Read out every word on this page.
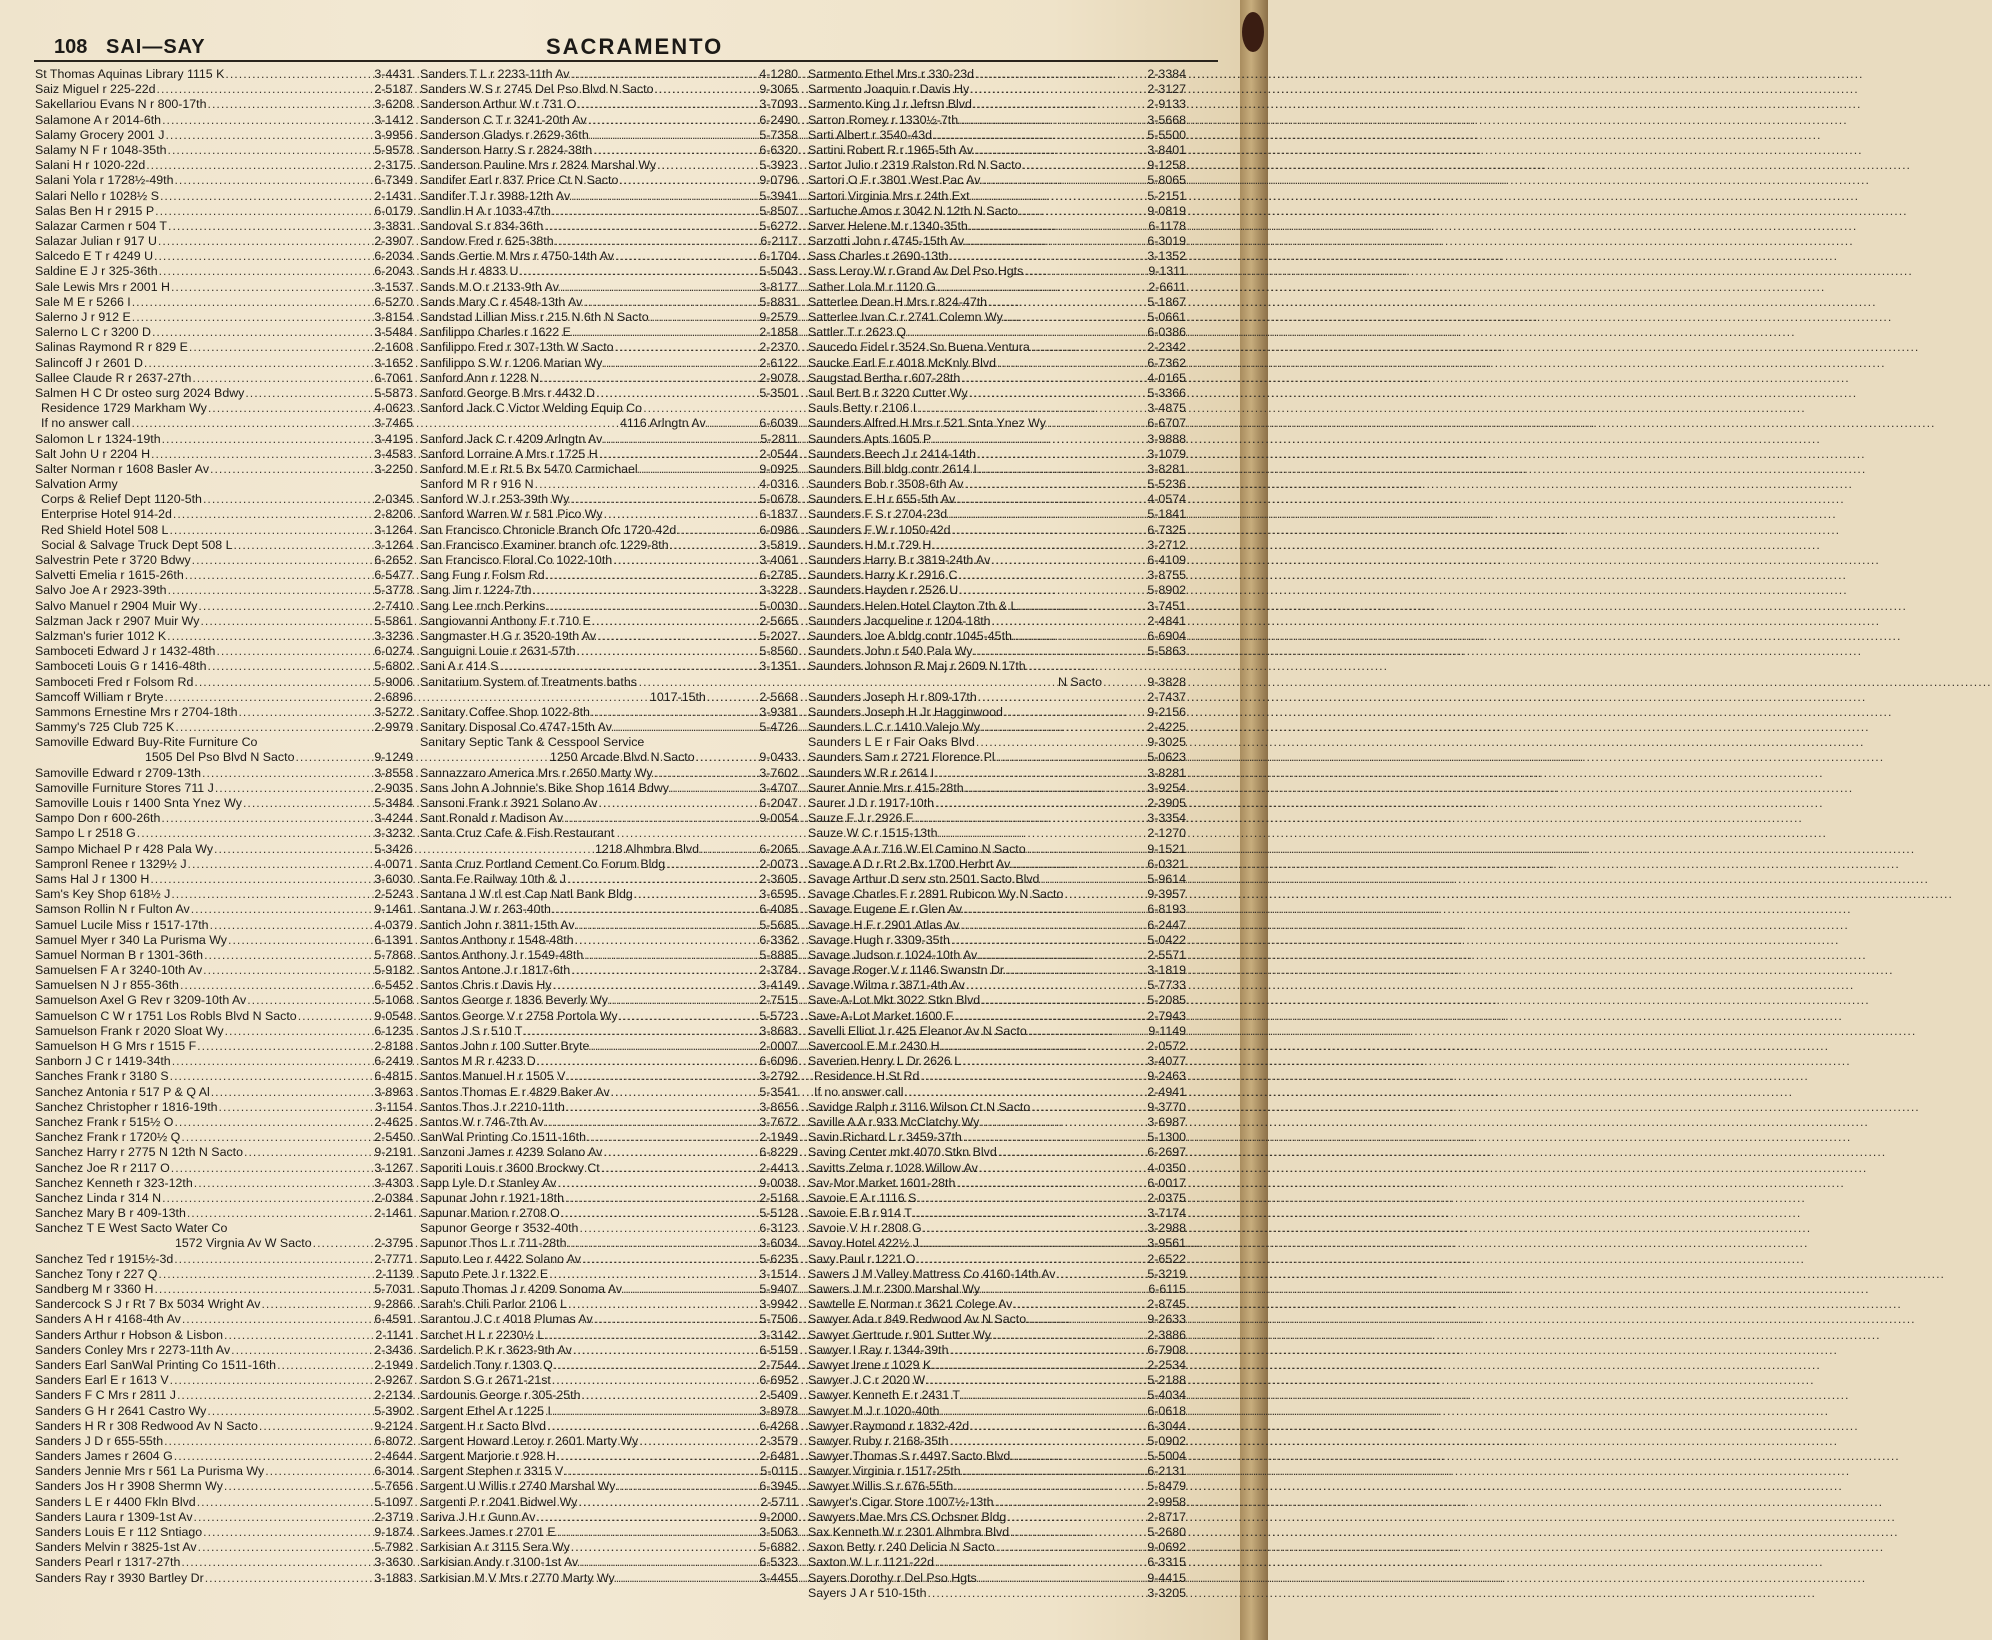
108 SAI—SAY	SACRAMENTO
St Thomas Aquinas Library 1115 K .....	3-4431
Saiz Miguel r 225-22d .....	2-5187
Sakellariou Evans N r 800-17th .....	3-6208
Salamone A r 2014-6th .....	3-1412
Salamy Grocery 2001 J .....	3-9956
Salamy N F r 1048-35th .....	5-9578
Salani H r 1020-22d .....	2-3175
Salani Yola r 1728½-49th .....	6-7349
Salari Nello r 1028½ S .....	2-1431
Salas Ben H r 2915 P .....	6-0179
Salazar Carmen r 504 T .....	3-3831
Salazar Julian r 917 U .....	2-3907
Salcedo E T r 4249 U .....	6-2034
Saldine E J r 325-36th .....	6-2043
Sale Lewis Mrs r 2001 H .....	3-1537
Sale M E r 5266 I .....	6-5270
Salerno J r 912 E .....	3-8154
Salerno L C r 3200 D .....	3-5484
Salinas Raymond R r 829 E .....	2-1608
Salincoff J r 2601 D .....	3-1652
Sallee Claude R r 2637-27th .....	6-7061
Salmen H C Dr osteo surg 2024 Bdwy .....	5-5873
Residence 1729 Markham Wy .....	4-0623
If no answer call .....	3-7465
Salomon L r 1324-19th .....	3-4195
Salt John U r 2204 H .....	3-4583
Salter Norman r 1608 Basler Av .....	3-2250
Salvation Army
Corps & Relief Dept 1120-5th .....	2-0345
Enterprise Hotel 914-2d .....	2-8206
Red Shield Hotel 508 L .....	3-1264
Social & Salvage Truck Dept 508 L .....	3-1264
Salvestrin Pete r 3720 Bdwy .....	6-2652
Salvetti Emelia r 1615-26th .....	6-5477
Salvo Joe A r 2923-39th .....	5-3778
Salvo Manuel r 2904 Muir Wy .....	2-7410
Salzman Jack r 2907 Muir Wy .....	5-5861
Salzman's furier 1012 K .....	3-3236
Samboceti Edward J r 1432-48th .....	6-0274
Samboceti Louis G r 1416-48th .....	5-6802
Samboceti Fred r Folsom Rd .....	5-9006
Samcoff William r Bryte .....	2-6896
Sammons Ernestine Mrs r 2704-18th .....	3-5272
Sammy's 725 Club 725 K .....	2-9979
Samoville Edward Buy-Rite Furniture Co
1505 Del Pso Blvd N Sacto .....	9-1249
Samoville Edward r 2709-13th .....	3-8558
Samoville Furniture Stores 711 J .....	2-9035
Samoville Louis r 1400 Snta Ynez Wy .....	5-3484
Sampo Don r 600-26th .....	3-4244
Sampo L r 2518 G .....	3-3232
Sampo Michael P r 428 Pala Wy .....	5-3426
Sampronl Renee r 1329½ J .....	4-0071
Sams Hal J r 1300 H .....	3-6030
Sam's Key Shop 618½ J .....	2-5243
Samson Rollin N r Fulton Av .....	9-1461
Samuel Lucile Miss r 1517-17th .....	4-0379
Samuel Myer r 340 La Purisma Wy .....	6-1391
Samuel Norman B r 1301-36th .....	5-7868
Samuelsen F A r 3240-10th Av .....	5-9182
Samuelsen N J r 855-36th .....	6-5452
Samuelson Axel G Rev r 3209-10th Av .....	5-1068
Samuelson C W r 1751 Los Robls Blvd N Sacto .....	9-0548
Samuelson Frank r 2020 Sloat Wy .....	6-1235
Samuelson H G Mrs r 1515 F .....	2-8188
Sanborn J C r 1419-34th .....	6-2419
Sanches Frank r 3180 S .....	6-4815
Sanchez Antonia r 517 P & Q Al .....	3-8963
Sanchez Christopher r 1816-19th .....	3-1154
Sanchez Frank r 515½ O .....	2-4625
Sanchez Frank r 1720½ Q .....	2-5450
Sanchez Harry r 2775 N 12th N Sacto .....	9-2191
Sanchez Joe R r 2117 O .....	3-1267
Sanchez Kenneth r 323-12th .....	3-4303
Sanchez Linda r 314 N .....	2-0384
Sanchez Mary B r 409-13th .....	2-1461
Sanchez T E West Sacto Water Co
1572 Virgnia Av W Sacto .....	2-3795
Sanchez Ted r 1915½-3d .....	2-7771
Sanchez Tony r 227 Q .....	2-1139
Sandberg M r 3360 H .....	5-7031
Sandercock S J r Rt 7 Bx 5034 Wright Av .....	9-2866
Sanders A H r 4168-4th Av .....	6-4591
Sanders Arthur r Hobson & Lisbon .....	2-1141
Sanders Conley Mrs r 2273-11th Av .....	2-3436
Sanders Earl SanWal Printing Co 1511-16th .....	2-1949
Sanders Earl E r 1613 V .....	2-9267
Sanders F C Mrs r 2811 J .....	2-2134
Sanders G H r 2641 Castro Wy .....	5-3902
Sanders H R r 308 Redwood Av N Sacto .....	9-2124
Sanders J D r 655-55th .....	6-8072
Sanders James r 2604 G .....	2-4644
Sanders Jennie Mrs r 561 La Purisma Wy .....	6-3014
Sanders Jos H r 3908 Shermn Wy .....	5-7656
Sanders L E r 4400 Fkln Blvd .....	5-1097
Sanders Laura r 1309-1st Av .....	2-3719
Sanders Louis E r 112 Sntiago .....	9-1874
Sanders Melvin r 3825-1st Av .....	5-7982
Sanders Pearl r 1317-27th .....	3-3630
Sanders Ray r 3930 Bartley Dr .....	3-1883
Sanders T L r 2233-11th Av .....	4-1280
Sanders W S r 2745 Del Pso Blvd N Sacto .....	9-3065
Sanderson Arthur W r 731 O .....	3-7093
Sanderson C T r 3241-20th Av .....	6-2490
Sanderson Gladys r 2629-36th .....	5-7358
Sanderson Harry S r 2824-38th .....	6-6320
Sanderson Pauline Mrs r 2824 Marshal Wy .....	5-3923
Sandifer Earl r 837 Price Ct N Sacto .....	9-0796
Sandifer T J r 3988-12th Av .....	5-3941
Sandlin H A r 1033-47th .....	5-8507
Sandoval S r 834-36th .....	5-6272
Sandow Fred r 625-38th .....	6-2117
Sands Gertie M Mrs r 4750-14th Av .....	6-1704
Sands H r 4833 U .....	5-5043
Sands M O r 2133-9th Av .....	3-8177
Sands Mary C r 4548-13th Av .....	5-8831
Sandstad Lillian Miss r 215 N 6th N Sacto .....	9-2579
Sanfilippo Charles r 1622 E .....	2-1858
Sanfilippo Fred r 307-13th W Sacto .....	2-2370
Sanfilippo S W r 1206 Marian Wy .....	2-6122
Sanford Ann r 1228 N .....	2-9078
Sanford George B Mrs r 4432 D .....	5-3501
Sanford Jack C Victor Welding Equip Co
4116 Arlngtn Av .....	6-6039
Sanford Jack C r 4209 Arlngtn Av .....	5-2811
Sanford Lorraine A Mrs r 1725 H .....	2-0544
Sanford M E r Rt 5 Bx 5470 Carmichael .....	9-0925
Sanford M R r 916 N .....	4-0316
Sanford W J r 253-39th Wy .....	5-0678
Sanford Warren W r 581 Pico Wy .....	6-1837
San Francisco Chronicle Branch Ofc 1720-42d .....	6-0986
San Francisco Examiner branch ofc 1229-8th .....	3-5819
San Francisco Floral Co 1022-10th .....	3-4061
Sang Fung r Folsm Rd .....	6-2785
Sang Jim r 1224-7th .....	3-3228
Sang Lee rnch Perkins .....	5-0030
Sangiovanni Anthony F r 710 E .....	2-5665
Sangmaster H G r 3520-19th Av .....	5-2027
Sanguigni Louie r 2631-57th .....	5-8560
Sani A r 414 S .....	3-1351
Sanitarium System of Treatments baths
1017-15th .....	2-5668
Sanitary Coffee Shop 1022-8th .....	3-9381
Sanitary Disposal Co 4747-15th Av .....	5-4726
Sanitary Septic Tank & Cesspool Service
1250 Arcade Blvd N Sacto .....	9-0433
Sannazzaro America Mrs r 2650 Marty Wy .....	3-7602
Sans John A Johnnie's Bike Shop 1614 Bdwy .....	3-4707
Sansoni Frank r 3921 Solano Av .....	6-2047
Sant Ronald r Madison Av .....	9-0054
Santa Cruz Cafe & Fish Restaurant
1218 Alhmbra Blvd .....	6-2065
Santa Cruz Portland Cement Co Forum Bldg .....	2-0073
Santa Fe Railway 10th & J .....	2-3605
Santana J W rl est Cap Natl Bank Bldg .....	3-6595
Santana J W r 263-40th .....	6-4085
Santich John r 3811-15th Av .....	5-5685
Santos Anthony r 1548-48th .....	6-3362
Santos Anthony J r 1549-48th .....	5-8885
Santos Antone J r 1817-6th .....	2-3784
Santos Chris r Davis Hy .....	3-4149
Santos George r 1836 Beverly Wy .....	2-7515
Santos George V r 2758 Portola Wy .....	5-5723
Santos J S r 510 T .....	3-8683
Santos John r 100 Sutter Bryte .....	2-0007
Santos M R r 4233 D .....	6-6096
Santos Manuel H r 1505 V .....	3-2792
Santos Thomas E r 4829 Baker Av .....	5-3541
Santos Thos J r 2210-11th .....	3-8656
Santos W r 746-7th Av .....	3-7672
SanWal Printing Co 1511-16th .....	2-1949
Sanzoni James r 4239 Solano Av .....	6-8229
Saporiti Louis r 3600 Brockwy Ct .....	2-4413
Sapp Lyle D r Stanley Av .....	9-0038
Sapunar John r 1921-18th .....	2-5168
Sapunar Marion r 2708 O .....	5-5128
Sapunor George r 3532-40th .....	6-3123
Sapunor Thos L r 711-28th .....	3-6034
Saputo Leo r 4422 Solano Av .....	5-6235
Saputo Pete J r 1322 E .....	3-1514
Saputo Thomas J r 4209 Sonoma Av .....	5-9407
Sarah's Chili Parlor 2106 L .....	3-9942
Sarantou J C r 4018 Plumas Av .....	5-7506
Sarchet H L r 2230½ L .....	3-3142
Sardelich P K r 3623-9th Av .....	6-5159
Sardelich Tony r 1303 Q .....	2-7544
Sardon S G r 2671-21st .....	6-6952
Sardounis George r 305-25th .....	2-5409
Sargent Ethel A r 1225 I .....	3-8978
Sargent H r Sacto Blvd .....	6-4268
Sargent Howard Leroy r 2601 Marty Wy .....	2-3579
Sargent Marjorie r 928 H .....	2-6481
Sargent Stephen r 3315 V .....	5-0115
Sargent U Willis r 2740 Marshal Wy .....	6-3945
Sargenti P r 2041 Bidwel Wy .....	2-5711
Sariva J H r Gunn Av .....	9-2000
Sarkees James r 2701 E .....	3-5063
Sarkisian A r 3115 Sera Wy .....	5-6882
Sarkisian Andy r 3100-1st Av .....	6-5323
Sarkisian M V Mrs r 2770 Marty Wy .....	3-4455
Sarmento Ethel Mrs r 330-23d .....	2-3384
Sarmento Joaquin r Davis Hy .....	2-3127
Sarmento King J r Jefrsn Blvd .....	2-9133
Sarron Romey r 1330½-7th .....	3-5668
Sarti Albert r 3540-43d .....	5-5500
Sartini Robert R r 1965-5th Av .....	3-8401
Sartor Julio r 2319 Ralston Rd N Sacto .....	9-1258
Sartori O F r 3801 West Pac Av .....	5-8065
Sartori Virginia Mrs r 24th Ext .....	5-2151
Sartuche Amos r 3042 N 12th N Sacto .....	9-0819
Sarver Helene M r 1340-35th .....	6-1178
Sarzotti John r 4745-15th Av .....	6-3019
Sass Charles r 2690-13th .....	3-1352
Sass Leroy W r Grand Av Del Pso Hgts .....	9-1311
Sather Lola M r 1120 G .....	2-6611
Satterlee Dean H Mrs r 824-47th .....	5-1867
Satterlee Ivan C r 2741 Colemn Wy .....	5-0661
Sattler T r 2623 Q .....	6-0386
Saucedo Fidel r 3524 Sn Buena Ventura .....	2-2342
Saucke Earl F r 4018 McKnly Blvd .....	6-7362
Saugstad Bertha r 607-28th .....	4-0165
Saul Bert B r 3220 Cutter Wy .....	5-3366
Sauls Betty r 2106 I .....	3-4875
Saunders Alfred H Mrs r 521 Snta Ynez Wy .....	6-6707
Saunders Apts 1605 P .....	3-9888
Saunders Beech J r 2414-14th .....	3-1079
Saunders Bill bldg contr 2614 I .....	3-8281
Saunders Bob r 3508-6th Av .....	5-5236
Saunders E H r 655-5th Av .....	4-0574
Saunders F S r 2704-23d .....	5-1841
Saunders F W r 1050-42d .....	6-7325
Saunders H M r 729 H .....	3-2712
Saunders Harry B r 3819-24th Av .....	6-4109
Saunders Harry K r 2916 C .....	3-8755
Saunders Hayden r 2526 U .....	5-8902
Saunders Helen Hotel Clayton 7th & L .....	3-7451
Saunders Jacqueline r 1204-18th .....	2-4841
Saunders Joe A bldg contr 1045-45th .....	6-6904
Saunders John r 540 Pala Wy .....	5-5863
Saunders Johnson R Maj r 2609 N 17th
N Sacto .....	9-3828
Saunders Joseph H r 809-17th .....	2-7437
Saunders Joseph H Jr Hagginwood .....	9-2156
Saunders L C r 1410 Valejo Wy .....	2-4225
Saunders L E r Fair Oaks Blvd .....	9-3025
Saunders Sam r 2721 Florence Pl .....	5-0623
Saunders W R r 2614 I .....	3-8281
Saurer Annie Mrs r 415-28th .....	3-9254
Saurer J D r 1917-10th .....	2-3905
Sauze F J r 2926 F .....	3-3354
Sauze W C r 1515-13th .....	2-1270
Savage A A r 716 W El Camino N Sacto .....	9-1521
Savage A D r Rt 2 Bx 1700 Herbrt Av .....	6-0321
Savage Arthur D serv stn 2501 Sacto Blvd .....	5-9614
Savage Charles F r 2891 Rubicon Wy N Sacto .....	9-3957
Savage Eugene E r Glen Av .....	6-8193
Savage H F r 2901 Atlas Av .....	6-2447
Savage Hugh r 3309-35th .....	5-0422
Savage Judson r 1024-10th Av .....	2-5571
Savage Roger V r 1146 Swanstn Dr .....	3-1819
Savage Wilma r 3871-4th Av .....	5-7733
Save-A-Lot Mkt 3022 Stkn Blvd .....	5-2085
Save-A-Lot Market 1600 F .....	2-7943
Savelli Elliot J r 425 Eleanor Av N Sacto .....	9-1149
Savercool E M r 2430 H .....	2-0572
Saverien Henry L Dr 2626 L .....	3-4077
Residence H St Rd .....	9-2463
If no answer call .....	2-4941
Savidge Ralph r 3116 Wilson Ct N Sacto .....	9-3770
Saville A A r 933 McClatchy Wy .....	3-6987
Savin Richard L r 3459-37th .....	5-1300
Saving Center mkt 4070 Stkn Blvd .....	6-2697
Savitts Zelma r 1028 Willow Av .....	4-0350
Sav-Mor Market 1601-28th .....	6-0017
Savoie E A r 1116 S .....	2-0375
Savoie E B r 914 T .....	3-7174
Savoie V H r 2808 G .....	3-2988
Savoy Hotel 422½ J .....	3-9561
Savy Paul r 1221 O .....	2-6522
Sawers J M Valley Mattress Co 4160-14th Av .....	5-3219
Sawers J M r 2300 Marshal Wy .....	6-6115
Sawtelle E Norman r 3621 Colege Av .....	2-8745
Sawyer Ada r 849 Redwood Av N Sacto .....	9-2633
Sawyer Gertrude r 901 Sutter Wy .....	2-3886
Sawyer I Ray r 1344-39th .....	6-7908
Sawyer Irene r 1029 K .....	2-2534
Sawyer J C r 2020 W .....	5-2188
Sawyer Kenneth E r 2431 T .....	5-4034
Sawyer M J r 1020-40th .....	6-0618
Sawyer Raymond r 1832-42d .....	6-3044
Sawyer Ruby r 2168-35th .....	5-0902
Sawyer Thomas S r 4497 Sacto Blvd .....	5-5004
Sawyer Virginia r 1517-25th .....	6-2131
Sawyer Willis S r 676-55th .....	5-8479
Sawyer's Cigar Store 1007½-13th .....	2-9958
Sawyers Mae Mrs CS Ochsner Bldg .....	2-8717
Sax Kenneth W r 2301 Alhmbra Blvd .....	5-2680
Saxon Betty r 240 Delicia N Sacto .....	9-0692
Saxton W L r 1121-22d .....	6-3315
Sayers Dorothy r Del Pso Hgts .....	9-4415
Sayers J A r 510-15th .....	3-3205
